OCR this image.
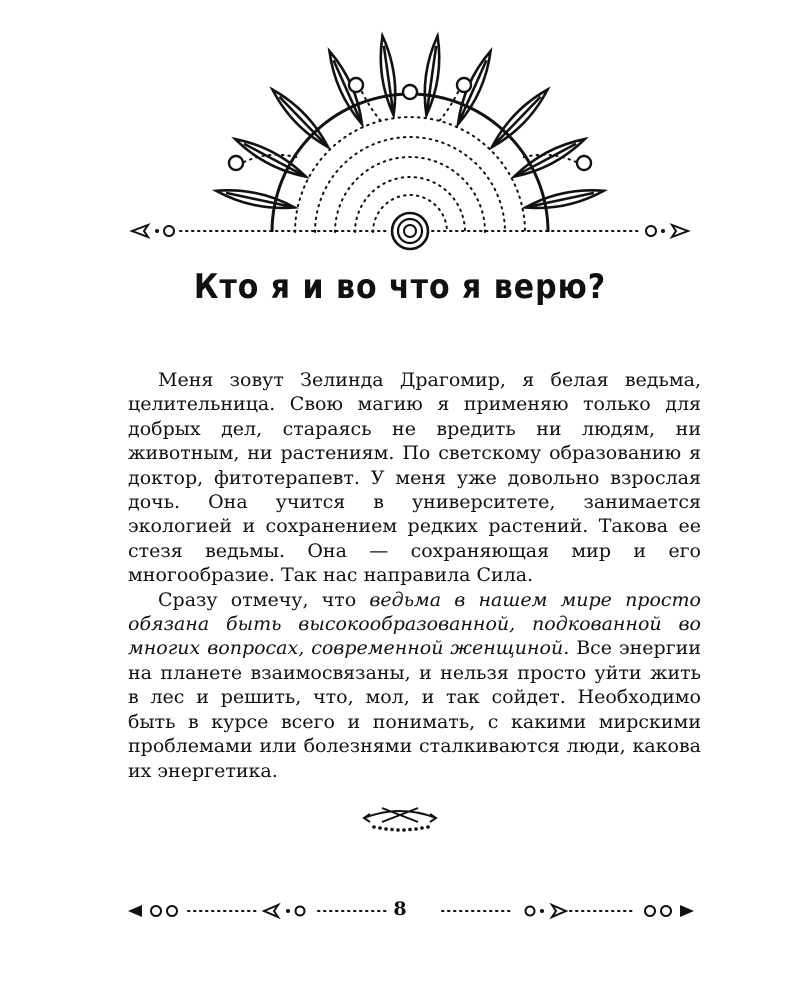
Кто я и во что я верю?

Меня зовут Зелинда Драгомир, я белая ведьма, целительница. Свою магию я применяю только для добрых дел, стараясь не вредить ни людям, ни животным, ни растениям. По светскому образованию я доктор, фитотерапевт. У меня уже довольно взрослая дочь. Она учится в университете, занимается экологией и сохранением редких растений. Такова ее стезя ведьмы. Она — сохраняющая мир и его многообразие. Так нас направила Сила.

Сразу отмечу, что ведьма в нашем мире просто обязана быть высокообразованной, подкованной во многих вопросах, современной женщиной. Все энергии на планете взаимосвязаны, и нельзя просто уйти жить в лес и решить, что, мол, и так сойдет. Необходимо быть в курсе всего и понимать, с какими мирскими проблемами или болезнями сталкиваются люди, какова их энергетика.

8
